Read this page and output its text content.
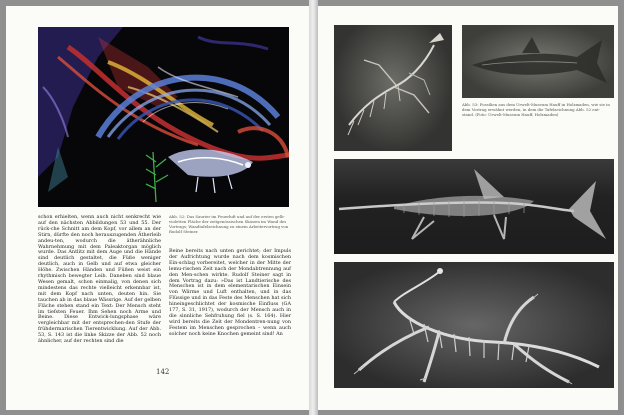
schon erhielten, wenn auch nicht senkrecht wie auf den nächsten Abbildungen 53 und 55. Der rück-che Schnitt am dem Kopf, vor allem an der Stirn, dürfte den noch herauszugenden Ätherleib andeu-ten, wodurch die ätherähnliche Wahrnehmung mit dem Paleaktorgan möglich wurde. Das Antlitz mit dem Auge und die Hände sind deutlich gestaltet, die Füße weniger deutlich, auch in Gelb und auf etwa gleicher Höhe. Zwischen Händen und Füßen weist ein rhythmisch bewegter Leib. Daneben sind blaue Wesen gemalt, schon einmalig, von denen sich mindestens das rechte vielleicht erkennbar ist, mit dem Kopf nach unten, deuten hin. Sie tauchen ab in das blaue Wässrige. Auf der gelben Fläche stehen stand ein Text: Der Mensch steht im tiefsten Feuer. Ihm Sehen noch Arme und Beine. Diese Entwick-lungsphase wäre vergleichbar mit der entsprechen-den Stufe der frühdermarischen Tierentwicklung. Auf der Abb. 53, S. 143 ist die linke Skizze der Abb. 52 noch ähnlicher, auf der rechten sind die

Abb. 52: Das Saurier im Feuerluft und auf der ersten gelb-violetten Fläche der zeitgenössischen Skizzen im Wand des Vortrags; Wandtafelzeichnung zu einem Arbeitervortrag von Rudolf Steiner.

Beine bereits nach unten gerichtet; der Impuls der Aufrichtung wurde nach dem kosmischen Ein-schlag vorbereitet, welcher in der Mitte der lemu-rischen Zeit nach der Mondabtrennung auf den Men-schen wirkte. Rudolf Steiner sagt in dem Vortrag dazu: »Das ist Landtierische des Menschen ist in dem elementarischen Einsein von Wärme und Luft enthalten, und in das Flüssige und in das Feste des Menschen hat sich hineingeschlichtet der kosmische Einfluss (GA 177, S. 31, 1917), wodurch der Mensch auch in die sinnliche Sehfruhung fiel (s. S. 164). Hier wird bereits die Zeit der Mondentren-nung von Festem im Menschen gesprochen – wenn auch solcher noch keine Knochen gemeint sind! An

142
Abb. 53: Fossilien aus dem Urwelt-Museum Hauff in Holzmaden, wie sie in dem Vortrag erwähnt werden, in dem die Tafelzeichnung Abb. 52 ent-stand. (Foto: Urwelt-Museum Hauff, Holzmaden)
